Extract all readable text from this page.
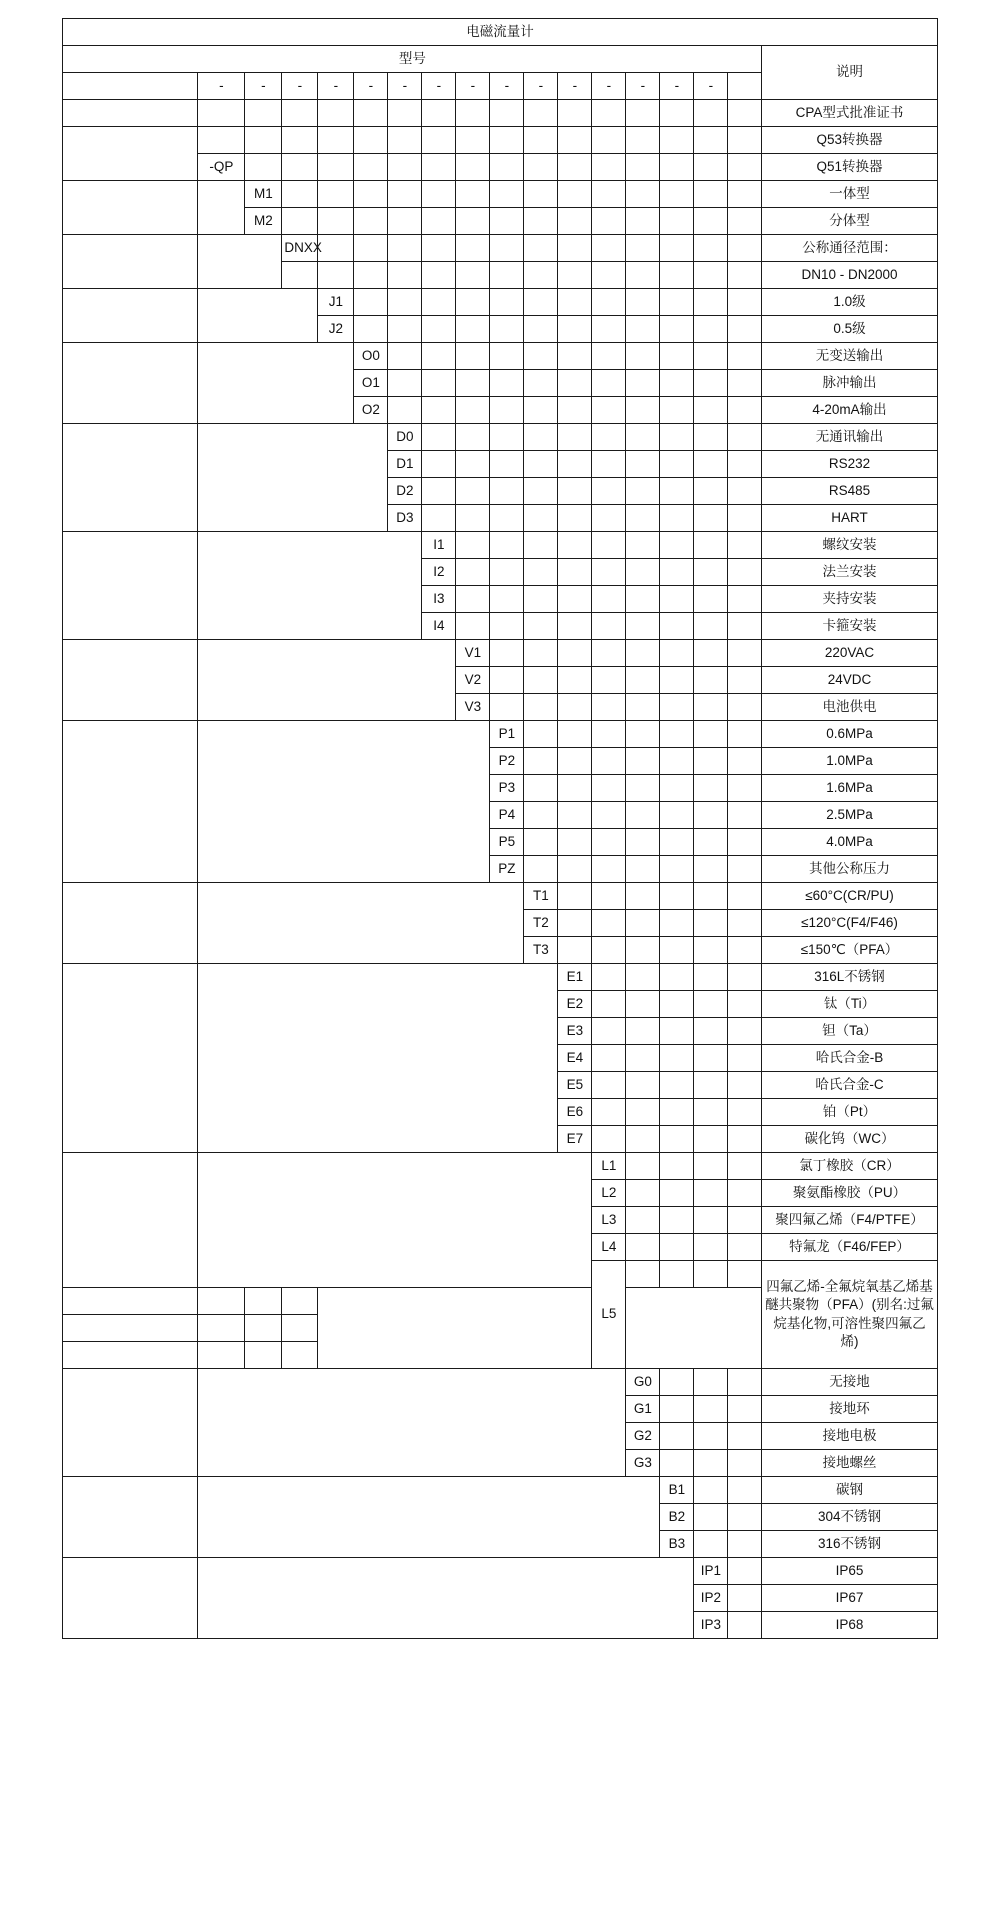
电磁流量计																	
型号																	说明
	-	-	-	-	-	-	-	-	-	-	-	-	-	-	-		
LDG-SUP																	CPA型式批准证书
转换器类型																	Q53转换器
	-QP																Q51转换器
仪表类型		M1															一体型
		M2															分体型
公称通径			DNXX														公称通径范围：
																	DN10 - DN2000
精度等级				J1													1.0级
				J2													0.5级
变送输出类型					O0												无变送输出
					O1												脉冲输出
					O2												4-20mA输出
通讯输出类型						D0											无通讯输出
						D1											RS232
						D2											RS485
						D3											HART
安装方式							I1										螺纹安装
							I2										法兰安装
							I3										夹持安装
							I4										卡箍安装
供电电源								V1									220VAC
								V2									24VDC
								V3									电池供电
公称压力									P1								0.6MPa
									P2								1.0MPa
									P3								1.6MPa
									P4								2.5MPa
									P5								4.0MPa
									PZ								其他公称压力
耐温等级										T1							≤60°C(CR/PU)
										T2							≤120°C(F4/F46)
										T3							≤150℃（PFA）
电极材料											E1						316L不锈钢
											E2						钛（Ti）
											E3						钽（Ta）
											E4						哈氏合金-B
											E5						哈氏合金-C
											E6						铂（Pt）
											E7						碳化钨（WC）
衬里材料												L1					氯丁橡胶（CR）
												L2					聚氨酯橡胶（PU）
												L3					聚四氟乙烯（F4/PTFE）
												L4					特氟龙（F46/FEP）
												L5					四氟乙烯-全氟烷氧基乙烯基醚共聚物（PFA）(别名:过氟烷基化物,可溶性聚四氟乙烯)

接地类型													G0				无接地
													G1				接地环
													G2				接地电极
													G3				接地螺丝
本体材质														B1			碳钢
														B2			304不锈钢
														B3			316不锈钢
防护等级															IP1		IP65
															IP2		IP67
															IP3		IP68
